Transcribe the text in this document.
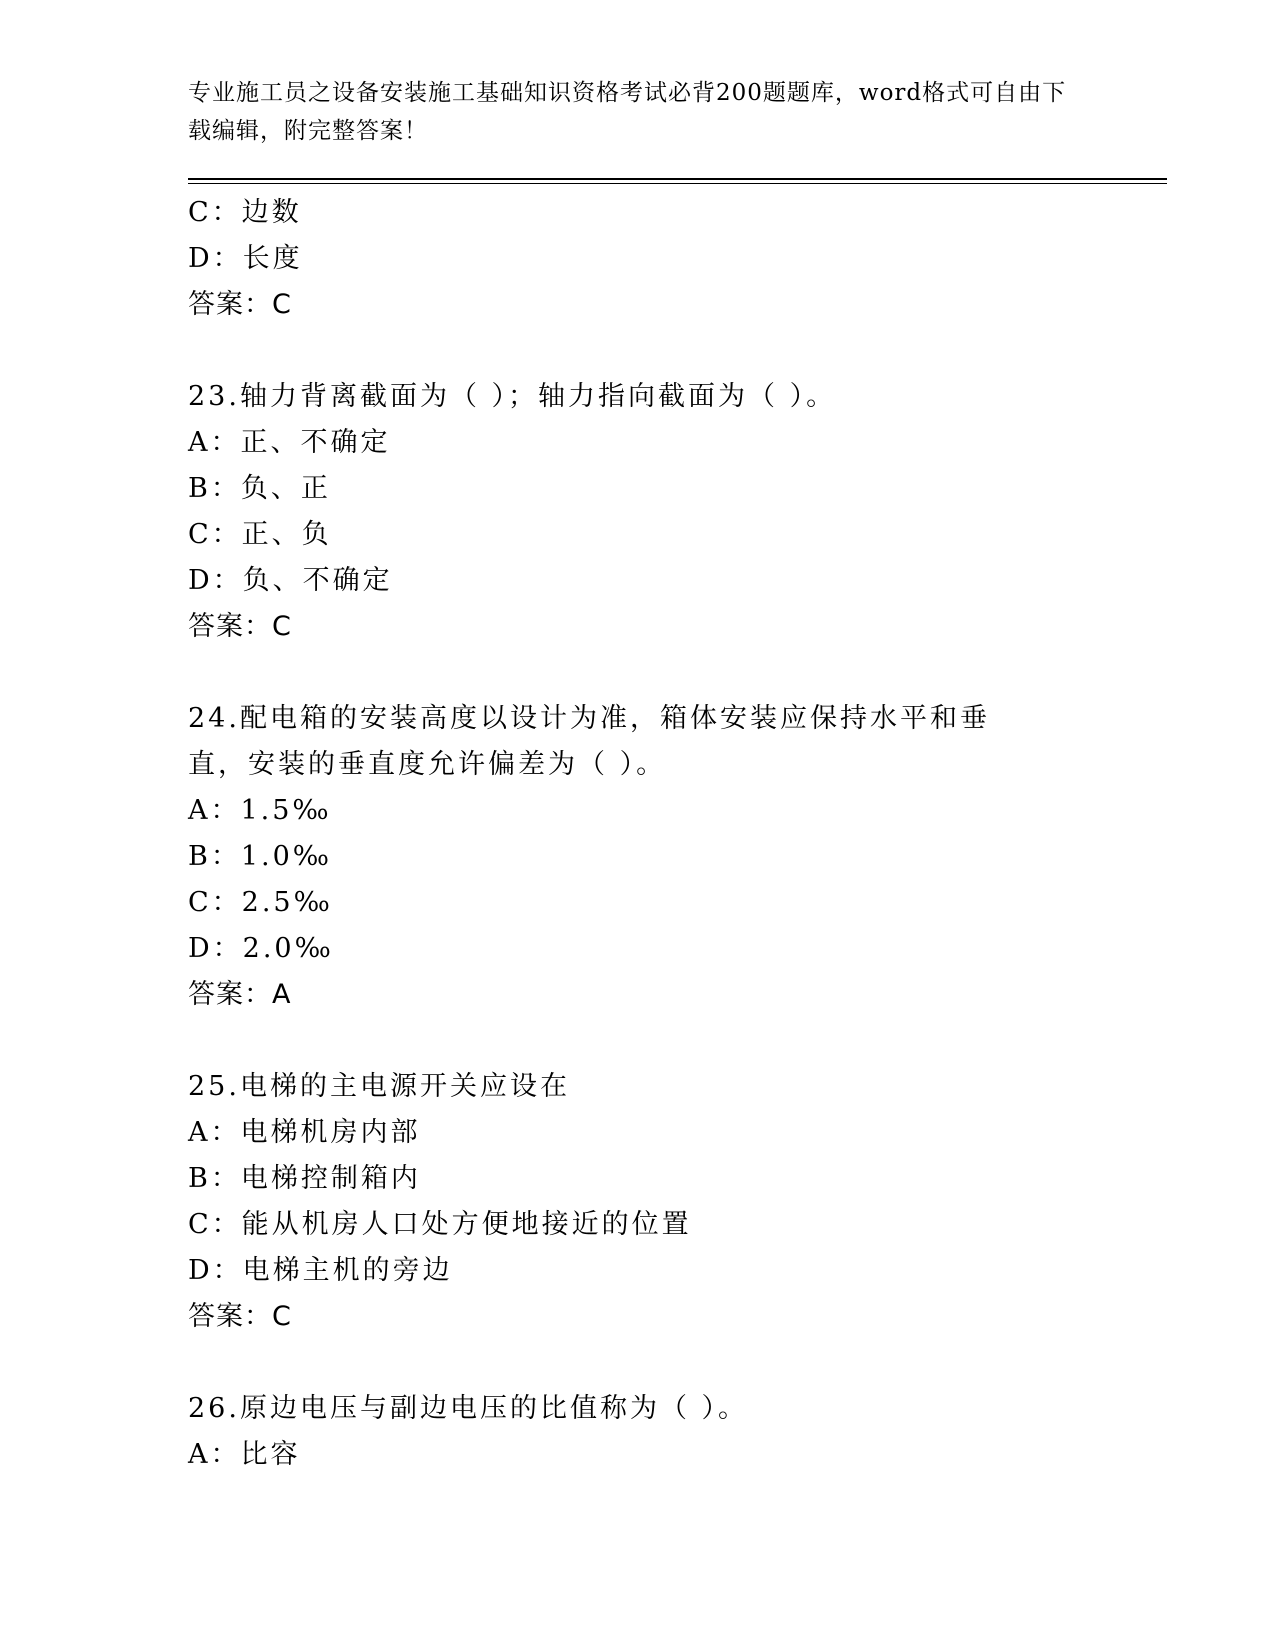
专业施工员之设备安装施工基础知识资格考试必背200题题库，word格式可自由下载编辑，附完整答案！
C：边数
D：长度
答案：C
23.轴力背离截面为（ ）；轴力指向截面为（ ）。
A：正、不确定
B：负、正
C：正、负
D：负、不确定
答案：C
24.配电箱的安装高度以设计为准，箱体安装应保持水平和垂直，安装的垂直度允许偏差为（ ）。
A：1.5‰
B：1.0‰
C：2.5‰
D：2.0‰
答案：A
25.电梯的主电源开关应设在
A：电梯机房内部
B：电梯控制箱内
C：能从机房人口处方便地接近的位置
D：电梯主机的旁边
答案：C
26.原边电压与副边电压的比值称为（ ）。
A：比容
